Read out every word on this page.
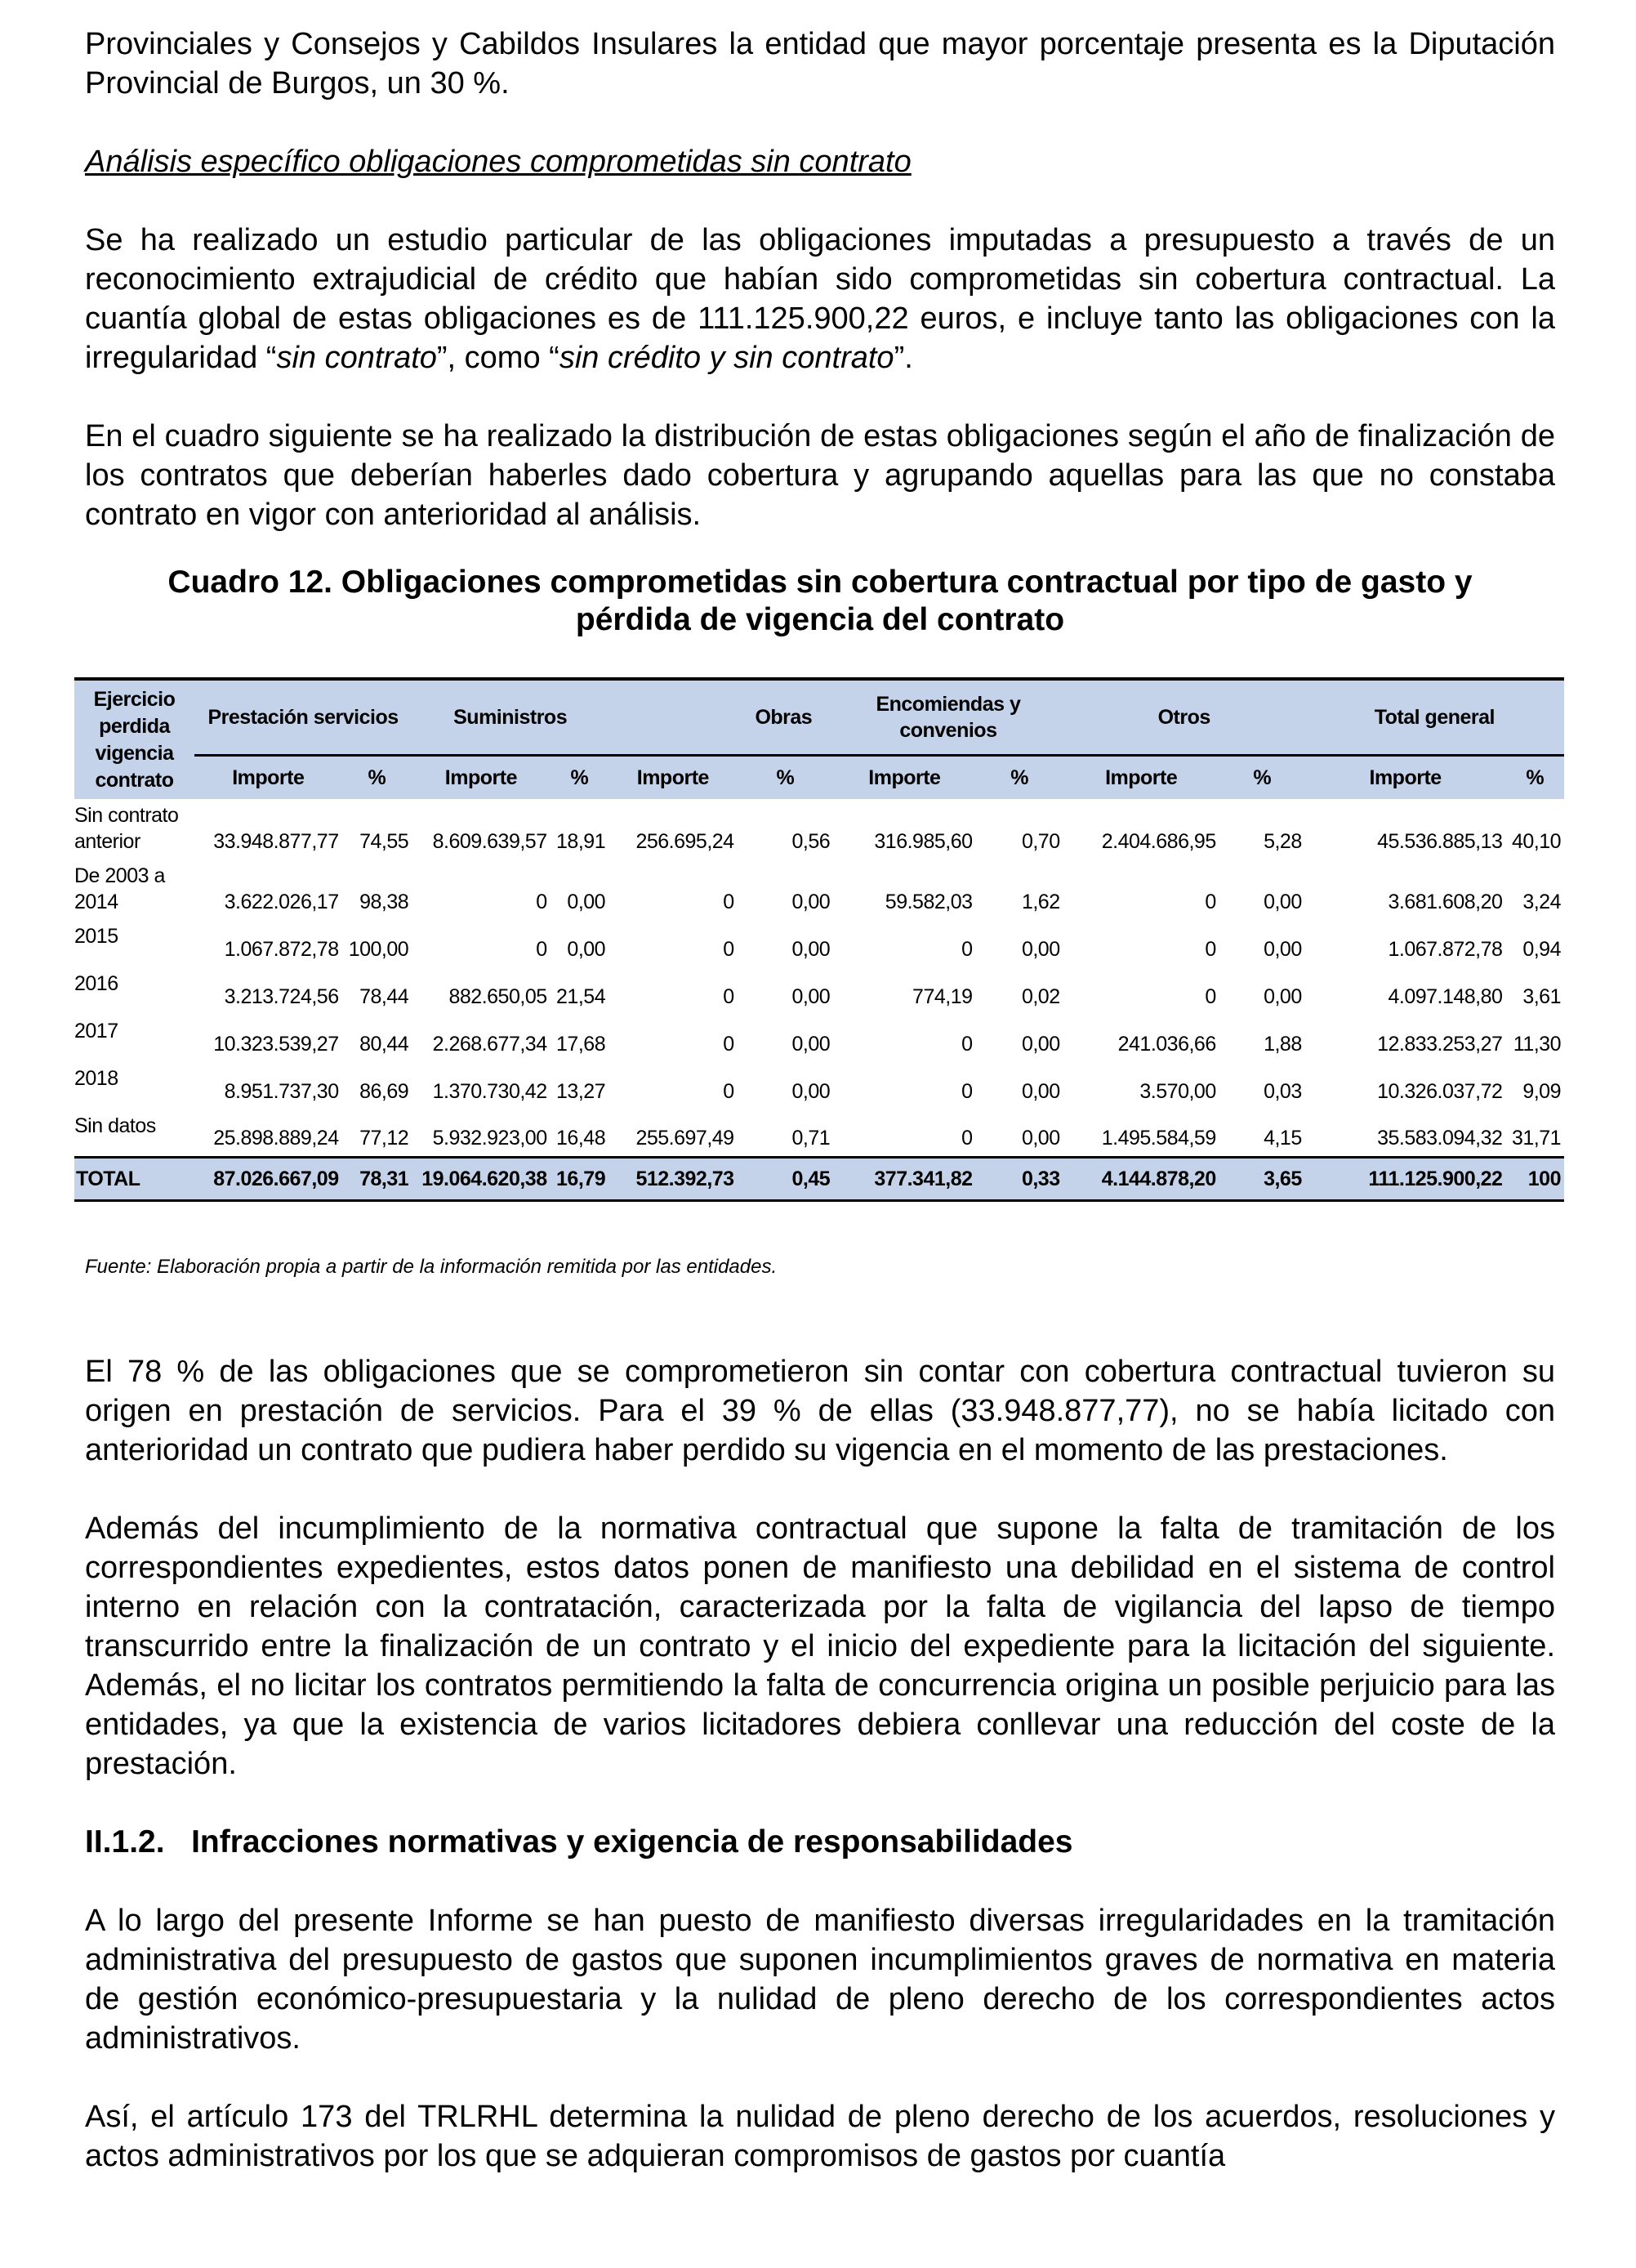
Provinciales y Consejos y Cabildos Insulares la entidad que mayor porcentaje presenta es la Diputación Provincial de Burgos, un 30 %.

Análisis específico obligaciones comprometidas sin contrato

Se ha realizado un estudio particular de las obligaciones imputadas a presupuesto a través de un reconocimiento extrajudicial de crédito que habían sido comprometidas sin cobertura contractual. La cuantía global de estas obligaciones es de 111.125.900,22 euros, e incluye tanto las obligaciones con la irregularidad “sin contrato”, como “sin crédito y sin contrato”.

En el cuadro siguiente se ha realizado la distribución de estas obligaciones según el año de finalización de los contratos que deberían haberles dado cobertura y agrupando aquellas para las que no constaba contrato en vigor con anterioridad al análisis.

Cuadro 12. Obligaciones comprometidas sin cobertura contractual por tipo de gasto y
pérdida de vigencia del contrato

Ejercicio perdida vigencia contrato	Prestación servicios		Suministros		Obras		Encomiendas y convenios		Otros		Total general	
	Importe	%	Importe	%	Importe	%	Importe	%	Importe	%	Importe	%
Sin contrato anterior	33.948.877,77	74,55	8.609.639,57	18,91	256.695,24	0,56	316.985,60	0,70	2.404.686,95	5,28	45.536.885,13	40,10
De 2003 a 2014	3.622.026,17	98,38	0	0,00	0	0,00	59.582,03	1,62	0	0,00	3.681.608,20	3,24
2015	1.067.872,78	100,00	0	0,00	0	0,00	0	0,00	0	0,00	1.067.872,78	0,94
2016	3.213.724,56	78,44	882.650,05	21,54	0	0,00	774,19	0,02	0	0,00	4.097.148,80	3,61
2017	10.323.539,27	80,44	2.268.677,34	17,68	0	0,00	0	0,00	241.036,66	1,88	12.833.253,27	11,30
2018	8.951.737,30	86,69	1.370.730,42	13,27	0	0,00	0	0,00	3.570,00	0,03	10.326.037,72	9,09
Sin datos	25.898.889,24	77,12	5.932.923,00	16,48	255.697,49	0,71	0	0,00	1.495.584,59	4,15	35.583.094,32	31,71
TOTAL	87.026.667,09	78,31	19.064.620,38	16,79	512.392,73	0,45	377.341,82	0,33	4.144.878,20	3,65	111.125.900,22	100
Fuente: Elaboración propia a partir de la información remitida por las entidades.

El 78 % de las obligaciones que se comprometieron sin contar con cobertura contractual tuvieron su origen en prestación de servicios. Para el 39 % de ellas (33.948.877,77), no se había licitado con anterioridad un contrato que pudiera haber perdido su vigencia en el momento de las prestaciones.

Además del incumplimiento de la normativa contractual que supone la falta de tramitación de los correspondientes expedientes, estos datos ponen de manifiesto una debilidad en el sistema de control interno en relación con la contratación, caracterizada por la falta de vigilancia del lapso de tiempo transcurrido entre la finalización de un contrato y el inicio del expediente para la licitación del siguiente. Además, el no licitar los contratos permitiendo la falta de concurrencia origina un posible perjuicio para las entidades, ya que la existencia de varios licitadores debiera conllevar una reducción del coste de la prestación.

II.1.2.   Infracciones normativas y exigencia de responsabilidades

A lo largo del presente Informe se han puesto de manifiesto diversas irregularidades en la tramitación administrativa del presupuesto de gastos que suponen incumplimientos graves de normativa en materia de gestión económico-presupuestaria y la nulidad de pleno derecho de los correspondientes actos administrativos.

Así, el artículo 173 del TRLRHL determina la nulidad de pleno derecho de los acuerdos, resoluciones y actos administrativos por los que se adquieran compromisos de gastos por cuantía
